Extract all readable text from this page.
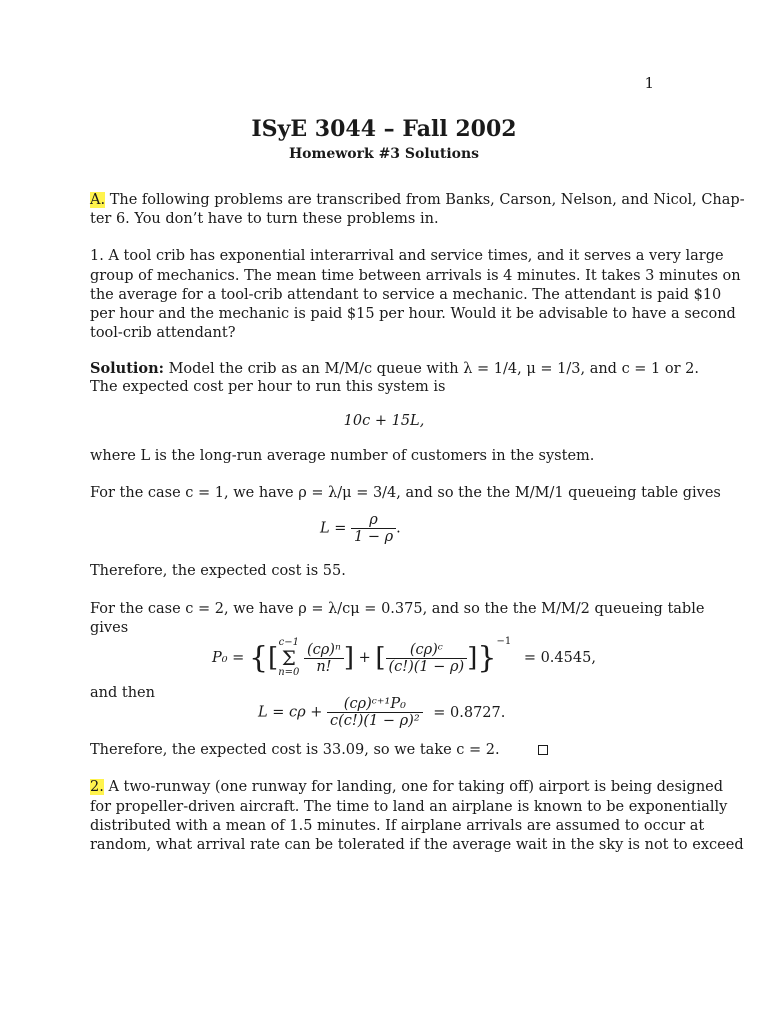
1
ISyE 3044 – Fall 2002
Homework #3 Solutions
A. The following problems are transcribed from Banks, Carson, Nelson, and Nicol, Chap-
ter 6. You don’t have to turn these problems in.
1. A tool crib has exponential interarrival and service times, and it serves a very large
group of mechanics. The mean time between arrivals is 4 minutes. It takes 3 minutes on
the average for a tool-crib attendant to service a mechanic. The attendant is paid $10
per hour and the mechanic is paid $15 per hour. Would it be advisable to have a second
tool-crib attendant?
Solution: Model the crib as an M/M/c queue with λ = 1/4, μ = 1/3, and c = 1 or 2.
The expected cost per hour to run this system is
10c + 15L,
where L is the long-run average number of customers in the system.
For the case c = 1, we have ρ = λ/μ = 3/4, and so the the M/M/1 queueing table gives
$L = \frac{\rho}{1 - \rho}$ .
Therefore, the expected cost is 55.
For the case c = 2, we have ρ = λ/cμ = 0.375, and so the the M/M/2 queueing table
gives
P₀ = {[
c−1
Σ
n=0
$\frac{\text{(cρ)ⁿ}}{n!}$ ] + [ $\frac{\text{(cρ)ᶜ}}{(c!)(1 - \rho)} ]\}^{-1} = 0.4545$,
and then
$L = c\rho + \frac{\text{(cρ)ᶜ⁺¹P₀}}{\text{c(c!)(1 − ρ)²}} = 0.8727$.
Therefore, the expected cost is 33.09, so we take c = 2.
2. A two-runway (one runway for landing, one for taking off) airport is being designed
for propeller-driven aircraft. The time to land an airplane is known to be exponentially
distributed with a mean of 1.5 minutes. If airplane arrivals are assumed to occur at
random, what arrival rate can be tolerated if the average wait in the sky is not to exceed
